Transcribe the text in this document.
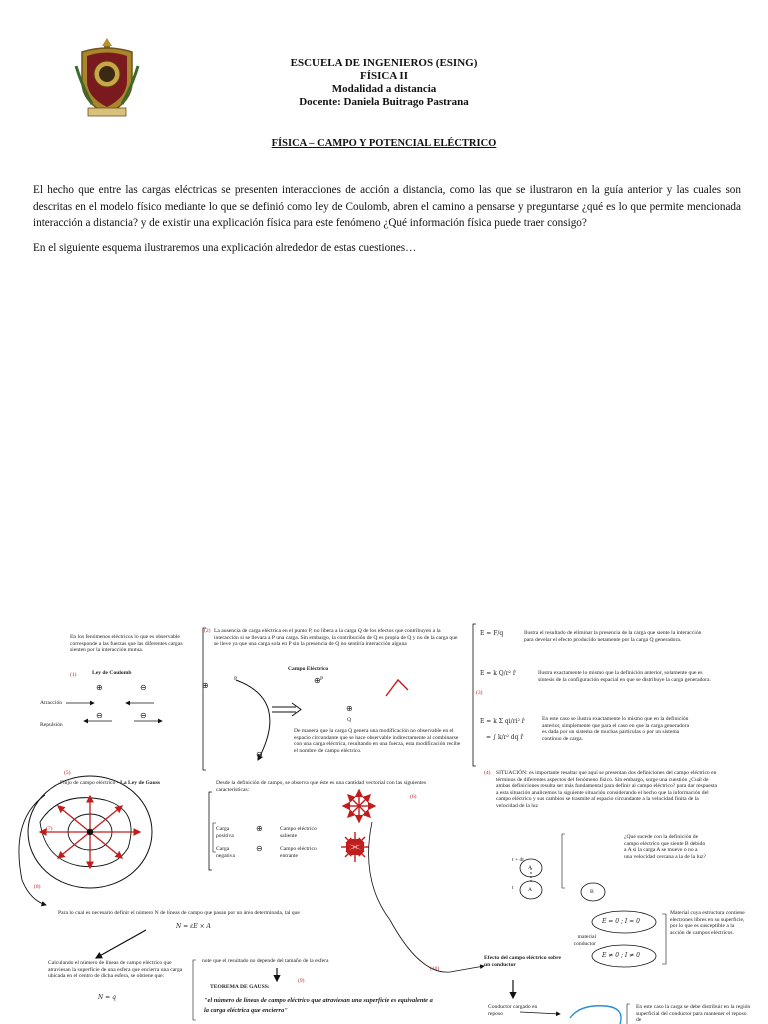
ESCUELA DE INGENIEROS (ESING)
FÍSICA II
Modalidad a distancia
Docente: Daniela Buitrago Pastrana
FÍSICA – CAMPO Y POTENCIAL ELÉCTRICO
El hecho que entre las cargas eléctricas se presenten interacciones de acción a distancia, como las que se ilustraron en la guía anterior y las cuales son descritas en el modelo físico mediante lo que se definió como ley de Coulomb, abren el camino a pensarse y preguntarse ¿qué es lo que permite mencionada interacción a distancia? y de existir una explicación física para este fenómeno ¿Qué información física puede traer consigo?
En el siguiente esquema ilustraremos una explicación alrededor de estas cuestiones…
En los fenómenos eléctricos lo que es observable corresponde a las fuerzas que las diferentes cargas sienten por la interacción mutua.
(1)	Ley de Coulomb
⊕	⊖
⊖	⊖
Atracción
Repulsión
(2) La ausencia de carga eléctrica en el punto P, no libera a la carga Q de los efectos que contribuyen a la interacción si se llevara a P una carga. Sin embargo, la contribución de Q es propia de Q y no de la carga que se lleve ya que una carga sola en P sin la presencia de Q no sentiría interacción alguna
Campo Eléctrico
P	P
⊕
⊕
⊕
Q
⊖
De manera que la carga Q genera una modificación no observable en el espacio circundante que se hace observable indirectamente al combinarse con una carga eléctrica, resultando en una fuerza, esta modificación recibe el nombre de campo eléctrico.
E = F/q	Ilustra el resultado de eliminar la presencia de la carga que siente la interacción para develar el efecto producido netamente por la carga Q generadora.
E = k Q/r² r̂	Ilustra exactamente lo mismo que la definición anterior, solamente que es síntesis de la configuración espacial en que se distribuye la carga generadora.
(3)
E = k Σ qi/ri² r̂
= ∫ k/r² dq r̂
En este caso se ilustra exactamente lo mismo que en la definición anterior, simplemente que para el caso en que la carga generadora es dada por un sistema de muchas partículas o por un sistema continuo de carga.
(5)
Flujo de campo eléctrico - La Ley de Gauss
(7)
(8)
Desde la definición de campo, se observa que éste es una cantidad vectorial con las siguientes características:
Carga positiva
⊕	Campo eléctrico saliente
Carga negativa
⊖	Campo eléctrico entrante
(6)
(4) SITUACIÓN: es importante resaltar que aquí se presentan dos definiciones del campo eléctrico en términos de diferentes aspectos del fenómeno físico. Sin embargo, surge una cuestión ¿Cuál de ambas definiciones resulta ser más fundamental para definir al campo eléctrico? para dar respuesta a esta situación analicemos la siguiente situación considerando el hecho que la información del campo eléctrico y sus cambios se trasmite al espacio circundante a la velocidad finita de la velocidad de la luz
t + dt
t
A
A	B
¿Qué sucede con la definición de campo eléctrico que siente B debido a A si la carga A se mueve o no a una velocidad cercana a la de la luz?
Para lo cual es necesario definir el número N de líneas de campo que pasan por un área determinada, tal que
N = εE × A
Calculando el número de líneas de campo eléctrico que atraviesan la superficie de una esfera que encierra una carga ubicada en el centro de dicha esfera, se obtiene que:
N = q
note que el resultado no depende del tamaño de la esfera
(9)
TEOREMA DE GAUSS:
"el número de líneas de campo eléctrico que atraviesan una superficie es equivalente a la carga eléctrica que encierra"
(10)
Efecto del campo eléctrico sobre un conductor
E = 0 ; I = 0
material conductor
E ≠ 0 ; I ≠ 0
Material cuya estructura contiene electrones libres en su superficie, por lo que es susceptible a la acción de campos eléctricos.
Conductor cargado en reposo
En este caso la carga se debe distribuir en la región superficial del conductor para mantener el reposo de
